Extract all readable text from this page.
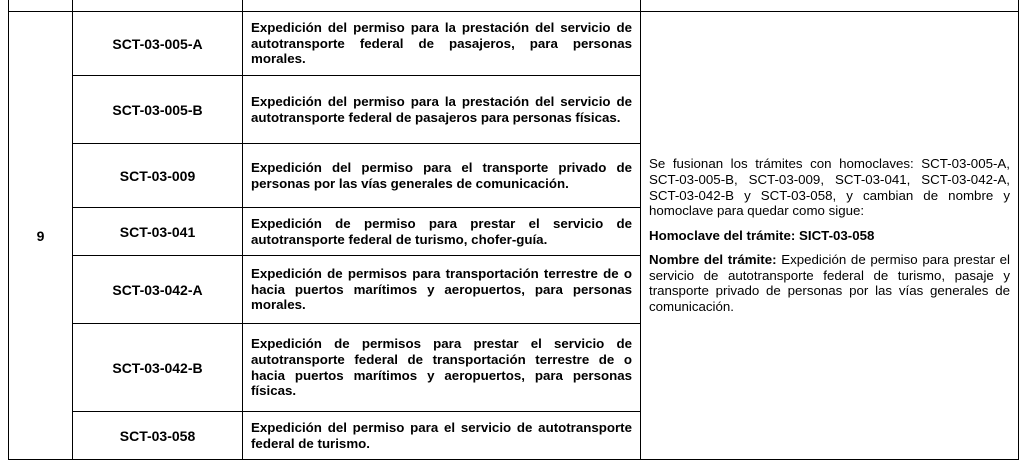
9	SCT-03-005-A	Expedición del permiso para la prestación del servicio de autotransporte federal de pasajeros, para personas morales.	Se fusionan los trámites con homoclaves: SCT-03-005-A, SCT-03-005-B, SCT-03-009, SCT-03-041, SCT-03-042-A, SCT-03-042-B y SCT-03-058, y cambian de nombre y homoclave para quedar como sigue:

Homoclave del trámite: SICT-03-058

Nombre del trámite: Expedición de permiso para prestar el servicio de autotransporte federal de turismo, pasaje y transporte privado de personas por las vías generales de comunicación.

	SCT-03-005-B	Expedición del permiso para la prestación del servicio de autotransporte federal de pasajeros para personas físicas.	
	SCT-03-009	Expedición del permiso para el transporte privado de personas por las vías generales de comunicación.	
	SCT-03-041	Expedición de permiso para prestar el servicio de autotransporte federal de turismo, chofer-guía.	
	SCT-03-042-A	Expedición de permisos para transportación terrestre de o hacia puertos marítimos y aeropuertos, para personas morales.	
	SCT-03-042-B	Expedición de permisos para prestar el servicio de autotransporte federal de transportación terrestre de o hacia puertos marítimos y aeropuertos, para personas físicas.	
	SCT-03-058	Expedición del permiso para el servicio de autotransporte federal de turismo.	
